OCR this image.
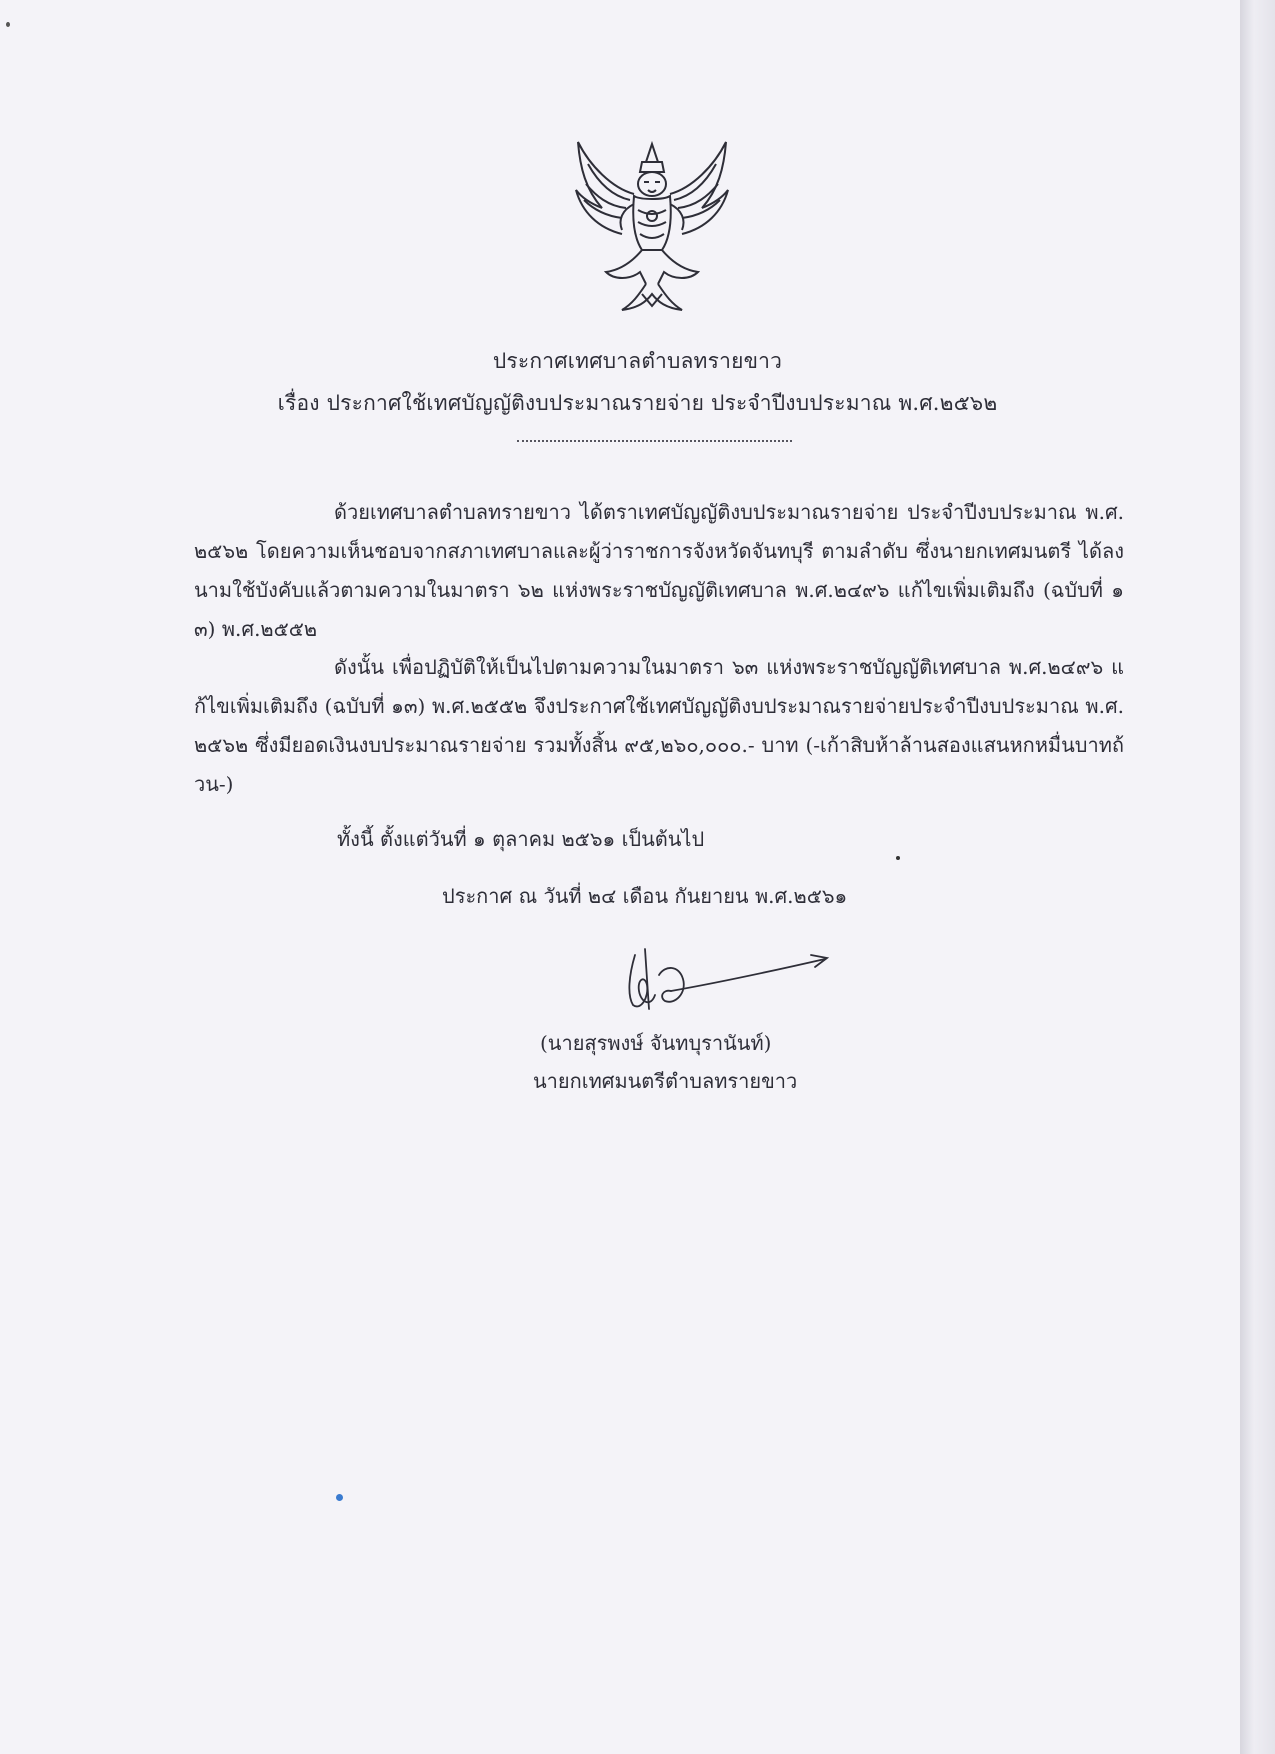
ประกาศเทศบาลตำบลทรายขาว
เรื่อง ประกาศใช้เทศบัญญัติงบประมาณรายจ่าย ประจำปีงบประมาณ พ.ศ.๒๕๖๒
ด้วยเทศบาลตำบลทรายขาว ได้ตราเทศบัญญัติงบประมาณรายจ่าย ประจำปีงบประมาณ พ.ศ.๒๕๖๒ โดยความเห็นชอบจากสภาเทศบาลและผู้ว่าราชการจังหวัดจันทบุรี ตามลำดับ ซึ่งนายกเทศมนตรี ได้ลงนามใช้บังคับแล้วตามความในมาตรา ๖๒ แห่งพระราชบัญญัติเทศบาล พ.ศ.๒๔๙๖ แก้ไขเพิ่มเติมถึง (ฉบับที่ ๑๓) พ.ศ.๒๕๕๒
ดังนั้น เพื่อปฏิบัติให้เป็นไปตามความในมาตรา ๖๓ แห่งพระราชบัญญัติเทศบาล พ.ศ.๒๔๙๖ แก้ไขเพิ่มเติมถึง (ฉบับที่ ๑๓) พ.ศ.๒๕๕๒ จึงประกาศใช้เทศบัญญัติงบประมาณรายจ่ายประจำปีงบประมาณ พ.ศ.๒๕๖๒ ซึ่งมียอดเงินงบประมาณรายจ่าย รวมทั้งสิ้น ๙๕,๒๖๐,๐๐๐.- บาท (-เก้าสิบห้าล้านสองแสนหกหมื่นบาทถ้วน-)
ทั้งนี้ ตั้งแต่วันที่ ๑ ตุลาคม ๒๕๖๑ เป็นต้นไป
ประกาศ ณ วันที่ ๒๔ เดือน กันยายน พ.ศ.๒๕๖๑
(นายสุรพงษ์ จันทบุรานันท์)
นายกเทศมนตรีตำบลทรายขาว
